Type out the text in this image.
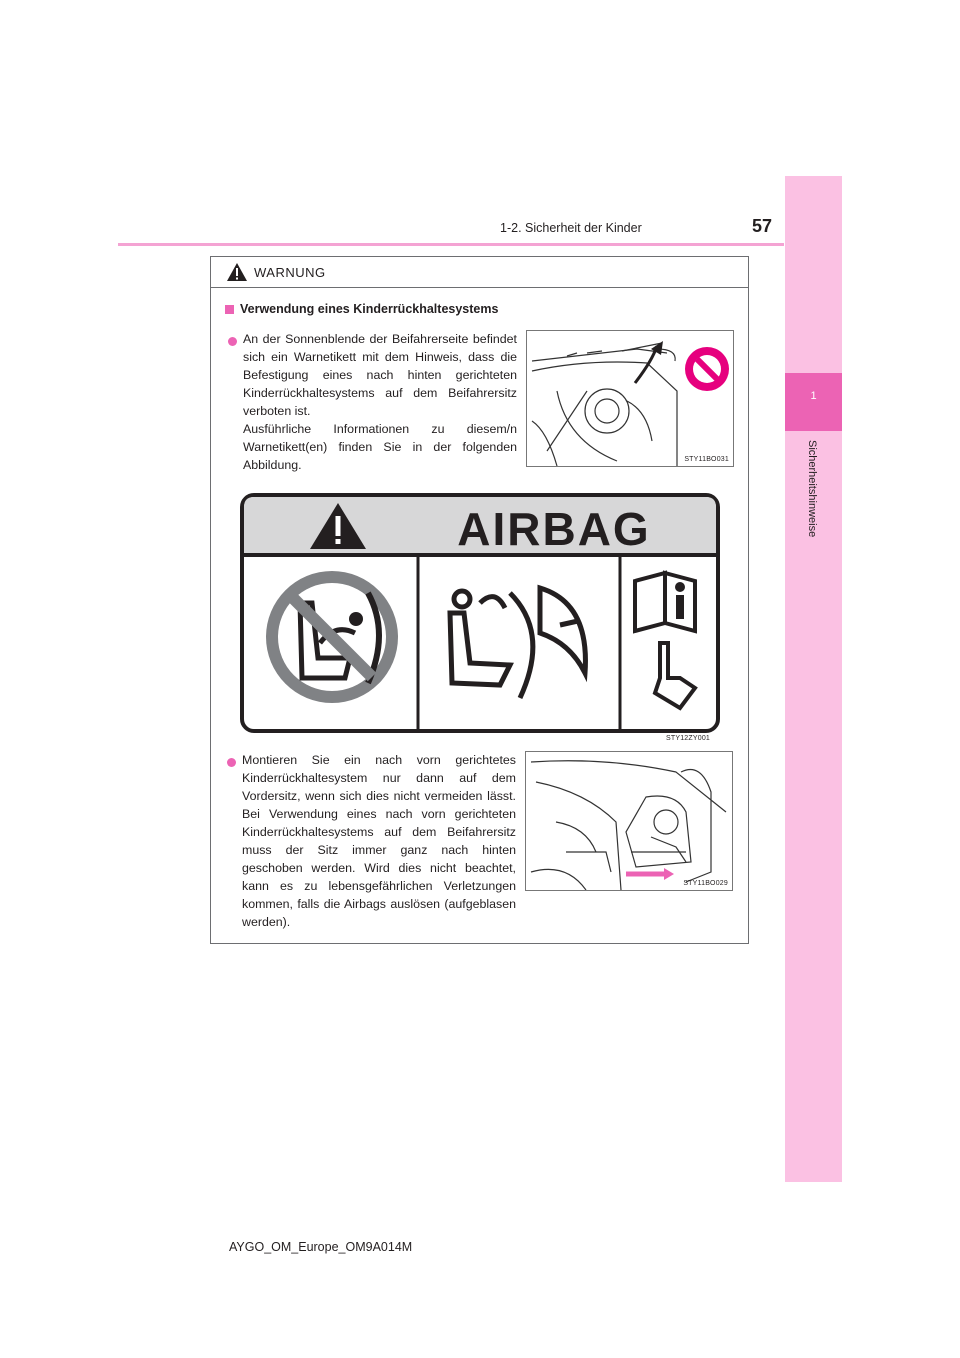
1-2. Sicherheit der Kinder	57
1
Sicherheitshinweise
WARNUNG
Verwendung eines Kinderrückhaltesystems

An der Sonnenblende der Beifahrerseite befindet sich ein Warnetikett mit dem Hinweis, dass die Befestigung eines nach hinten gerichteten Kinderrückhaltesystems auf dem Beifahrersitz verboten ist.

Ausführliche Informationen zu diesem/n Warnetikett(en) finden Sie in der folgenden Abbildung.	STY11BO031
AIRBAG
STY12ZY001

Montieren Sie ein nach vorn gerichtetes Kinderrückhaltesystem nur dann auf dem Vordersitz, wenn sich dies nicht vermeiden lässt. Bei Verwendung eines nach vorn gerichteten Kinderrückhaltesystems auf dem Beifahrersitz muss der Sitz immer ganz nach hinten geschoben werden. Wird dies nicht beachtet, kann es zu lebensgefährlichen Verletzungen kommen, falls die Airbags auslösen (aufgeblasen werden).

STY11BO029
AYGO_OM_Europe_OM9A014M
